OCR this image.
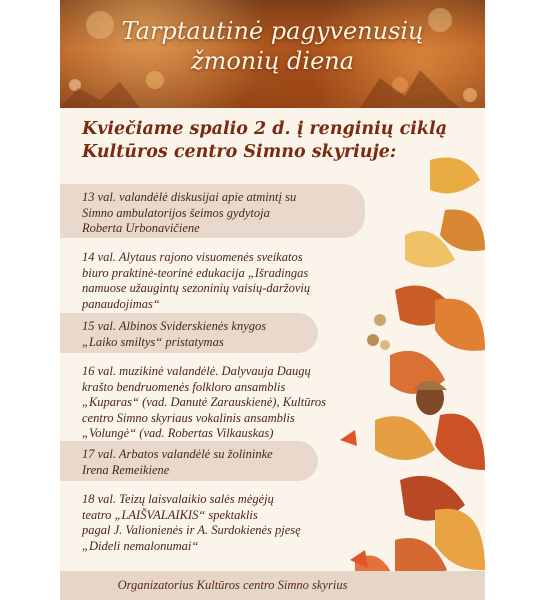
Tarptautinė pagyvenusių
žmonių diena
Kviečiame spalio 2 d. į renginių ciklą
Kultūros centro Simno skyriuje:
13 val. valandėlė diskusijai apie atmintį su
Simno ambulatorijos šeimos gydytoja
Roberta Urbonavičiene
14 val. Alytaus rajono visuomenės sveikatos
biuro praktinė-teorinė edukacija „Išradingas
namuose užaugintų sezoninių vaisių-daržovių
panaudojimas“
15 val. Albinos Sviderskienės knygos
„Laiko smiltys“ pristatymas
16 val. muzikinė valandėlė. Dalyvauja Daugų
krašto bendruomenės folkloro ansamblis
„Kuparas“ (vad. Danutė Zarauskienė), Kultūros
centro Simno skyriaus vokalinis ansamblis
„Volungė“ (vad. Robertas Vilkauskas)
17 val. Arbatos valandėlė su žolininke
Irena Remeikiene
18 val. Teizų laisvalaikio salės mėgėjų
teatro „LAIŠVALAIKIS“ spektaklis
pagal J. Valionienės ir A. Surdokienės pjesę
„Dideli nemalonumai“
Organizatorius Kultūros centro Simno skyrius
